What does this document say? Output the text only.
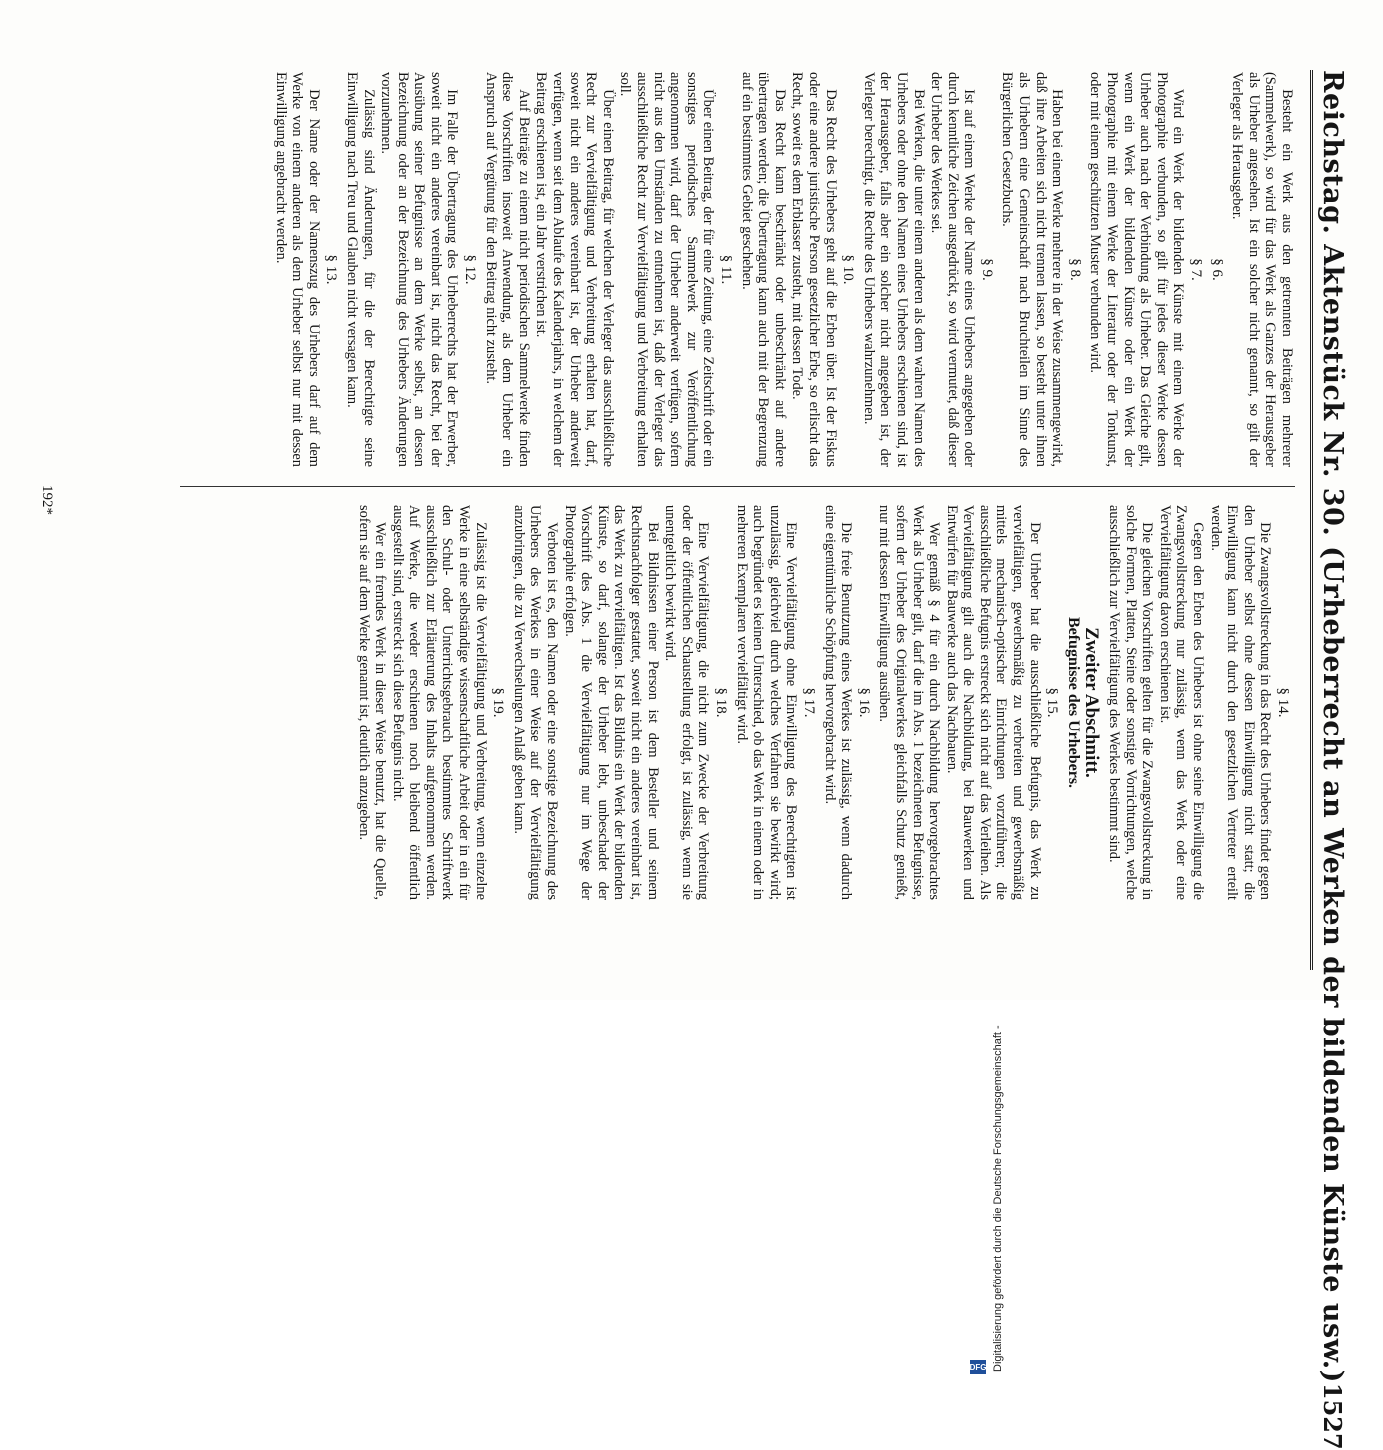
Reichstag. Aktenstück Nr. 30. (Urheberrecht an Werken der bildenden Künste usw.)
1527

Besteht ein Werk aus den getrennten Beiträgen mehrerer (Sammelwerk), so wird für das Werk als Ganzes der Herausgeber als Urheber angesehen. Ist ein solcher nicht genannt, so gilt der Verleger als Herausgeber.

§ 6.

§ 7.

Wird ein Werk der bildenden Künste mit einem Werke der Photographie verbunden, so gilt für jedes dieser Werke dessen Urheber auch nach der Verbindung als Urheber. Das Gleiche gilt, wenn ein Werk der bildenden Künste oder ein Werk der Photographie mit einem Werke der Literatur oder der Tonkunst, oder mit einem geschützten Muster verbunden wird.

§ 8.

Haben bei einem Werke mehrere in der Weise zusammengewirkt, daß ihre Arbeiten sich nicht trennen lassen, so besteht unter ihnen als Urhebern eine Gemeinschaft nach Bruchteilen im Sinne des Bürgerlichen Gesetzbuchs.

§ 9.

Ist auf einem Werke der Name eines Urhebers angegeben oder durch kenntliche Zeichen ausgedrückt, so wird vermutet, daß dieser der Urheber des Werkes sei.

Bei Werken, die unter einem anderen als dem wahren Namen des Urhebers oder ohne den Namen eines Urhebers erschienen sind, ist der Herausgeber, falls aber ein solcher nicht angegeben ist, der Verleger berechtigt, die Rechte des Urhebers wahrzunehmen.

§ 10.

Das Recht des Urhebers geht auf die Erben über. Ist der Fiskus oder eine andere juristische Person gesetzlicher Erbe, so erlischt das Recht, soweit es dem Erblasser zusteht, mit dessen Tode.

Das Recht kann beschränkt oder unbeschränkt auf andere übertragen werden; die Übertragung kann auch mit der Begrenzung auf ein bestimmtes Gebiet geschehen.

§ 11.

Über einen Beitrag, der für eine Zeitung, eine Zeitschrift oder ein sonstiges periodisches Sammelwerk zur Veröffentlichung angenommen wird, darf der Urheber anderweit verfügen, sofern nicht aus den Umständen zu entnehmen ist, daß der Verleger das ausschließliche Recht zur Vervielfältigung und Verbreitung erhalten soll.

Über einen Beitrag, für welchen der Verleger das ausschließliche Recht zur Vervielfältigung und Verbreitung erhalten hat, darf, soweit nicht ein anderes vereinbart ist, der Urheber anderweit verfügen, wenn seit dem Ablaufe des Kalenderjahrs, in welchem der Beitrag erschienen ist, ein Jahr verstrichen ist.

Auf Beiträge zu einem nicht periodischen Sammelwerke finden diese Vorschriften insoweit Anwendung, als dem Urheber ein Anspruch auf Vergütung für den Beitrag nicht zusteht.

§ 12.

Im Falle der Übertragung des Urheberrechts hat der Erwerber, soweit nicht ein anderes vereinbart ist, nicht das Recht, bei der Ausübung seiner Befugnisse an dem Werke selbst, an dessen Bezeichnung oder an der Bezeichnung des Urhebers Änderungen vorzunehmen.

Zulässig sind Änderungen, für die der Berechtigte seine Einwilligung nach Treu und Glauben nicht versagen kann.

§ 13.

Der Name oder der Namenszug des Urhebers darf auf dem Werke von einem anderen als dem Urheber selbst nur mit dessen Einwilligung angebracht werden.

§ 14.

Die Zwangsvollstreckung in das Recht des Urhebers findet gegen den Urheber selbst ohne dessen Einwilligung nicht statt; die Einwilligung kann nicht durch den gesetzlichen Vertreter erteilt werden.

Gegen den Erben des Urhebers ist ohne seine Einwilligung die Zwangsvollstreckung nur zulässig, wenn das Werk oder eine Vervielfältigung davon erschienen ist.

Die gleichen Vorschriften gelten für die Zwangsvollstreckung in solche Formen, Platten, Steine oder sonstige Vorrichtungen, welche ausschließlich zur Vervielfältigung des Werkes bestimmt sind.

Zweiter Abschnitt.

Befugnisse des Urhebers.

§ 15.

Der Urheber hat die ausschließliche Befugnis, das Werk zu vervielfältigen, gewerbsmäßig zu verbreiten und gewerbsmäßig mittels mechanisch-optischer Einrichtungen vorzuführen; die ausschließliche Befugnis erstreckt sich nicht auf das Verleihen. Als Vervielfältigung gilt auch die Nachbildung, bei Bauwerken und Entwürfen für Bauwerke auch das Nachbauen.

Wer gemäß § 4 für ein durch Nachbildung hervorgebrachtes Werk als Urheber gilt, darf die im Abs. 1 bezeichneten Befugnisse, sofern der Urheber des Originalwerkes gleichfalls Schutz genießt, nur mit dessen Einwilligung ausüben.

§ 16.

Die freie Benutzung eines Werkes ist zulässig, wenn dadurch eine eigentümliche Schöpfung hervorgebracht wird.

§ 17.

Eine Vervielfältigung ohne Einwilligung des Berechtigten ist unzulässig, gleichviel durch welches Verfahren sie bewirkt wird; auch begründet es keinen Unterschied, ob das Werk in einem oder in mehreren Exemplaren vervielfältigt wird.

§ 18.

Eine Vervielfältigung, die nicht zum Zwecke der Verbreitung oder der öffentlichen Schaustellung erfolgt, ist zulässig, wenn sie unentgeltlich bewirkt wird.

Bei Bildnissen einer Person ist dem Besteller und seinem Rechtsnachfolger gestattet, soweit nicht ein anderes vereinbart ist, das Werk zu vervielfältigen. Ist das Bildnis ein Werk der bildenden Künste, so darf, solange der Urheber lebt, unbeschadet der Vorschrift des Abs. 1 die Vervielfältigung nur im Wege der Photographie erfolgen.

Verboten ist es, den Namen oder eine sonstige Bezeichnung des Urhebers des Werkes in einer Weise auf der Vervielfältigung anzubringen, die zu Verwechselungen Anlaß geben kann.

§ 19.

Zulässig ist die Vervielfältigung und Verbreitung, wenn einzelne Werke in eine selbständige wissenschaftliche Arbeit oder in ein für den Schul- oder Unterrichtsgebrauch bestimmtes Schriftwerk ausschließlich zur Erläuterung des Inhalts aufgenommen werden. Auf Werke, die weder erschienen noch bleibend öffentlich ausgestellt sind, erstreckt sich diese Befugnis nicht.

Wer ein fremdes Werk in dieser Weise benutzt, hat die Quelle, sofern sie auf dem Werke genannt ist, deutlich anzugeben.

192*
Digitalisierung gefördert durch die Deutsche Forschungsgemeinschaft -
DFG
